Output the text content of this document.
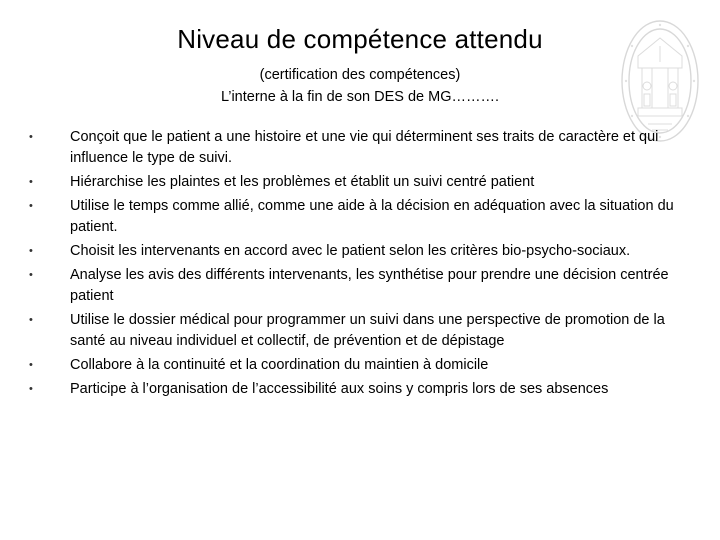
Niveau de compétence attendu
(certification des compétences)
L’interne à la fin de son DES de MG……….
•	Conçoit que le patient a une histoire et une vie qui déterminent ses traits de caractère et qui influence le type de suivi.
•	Hiérarchise les plaintes et les problèmes et établit un suivi centré patient
•	Utilise le temps comme allié, comme une aide à la décision en adéquation avec la situation du patient.
•	Choisit les intervenants en accord avec le patient selon les critères bio-psycho-sociaux.
•	Analyse les avis des différents intervenants, les synthétise pour prendre une décision centrée patient
•	Utilise le dossier médical pour programmer un suivi dans une perspective de promotion de la santé au niveau individuel et collectif, de prévention et de dépistage
•	Collabore à la continuité et la coordination du maintien à domicile
•	Participe à l’organisation de l’accessibilité aux soins y compris lors de ses absences
